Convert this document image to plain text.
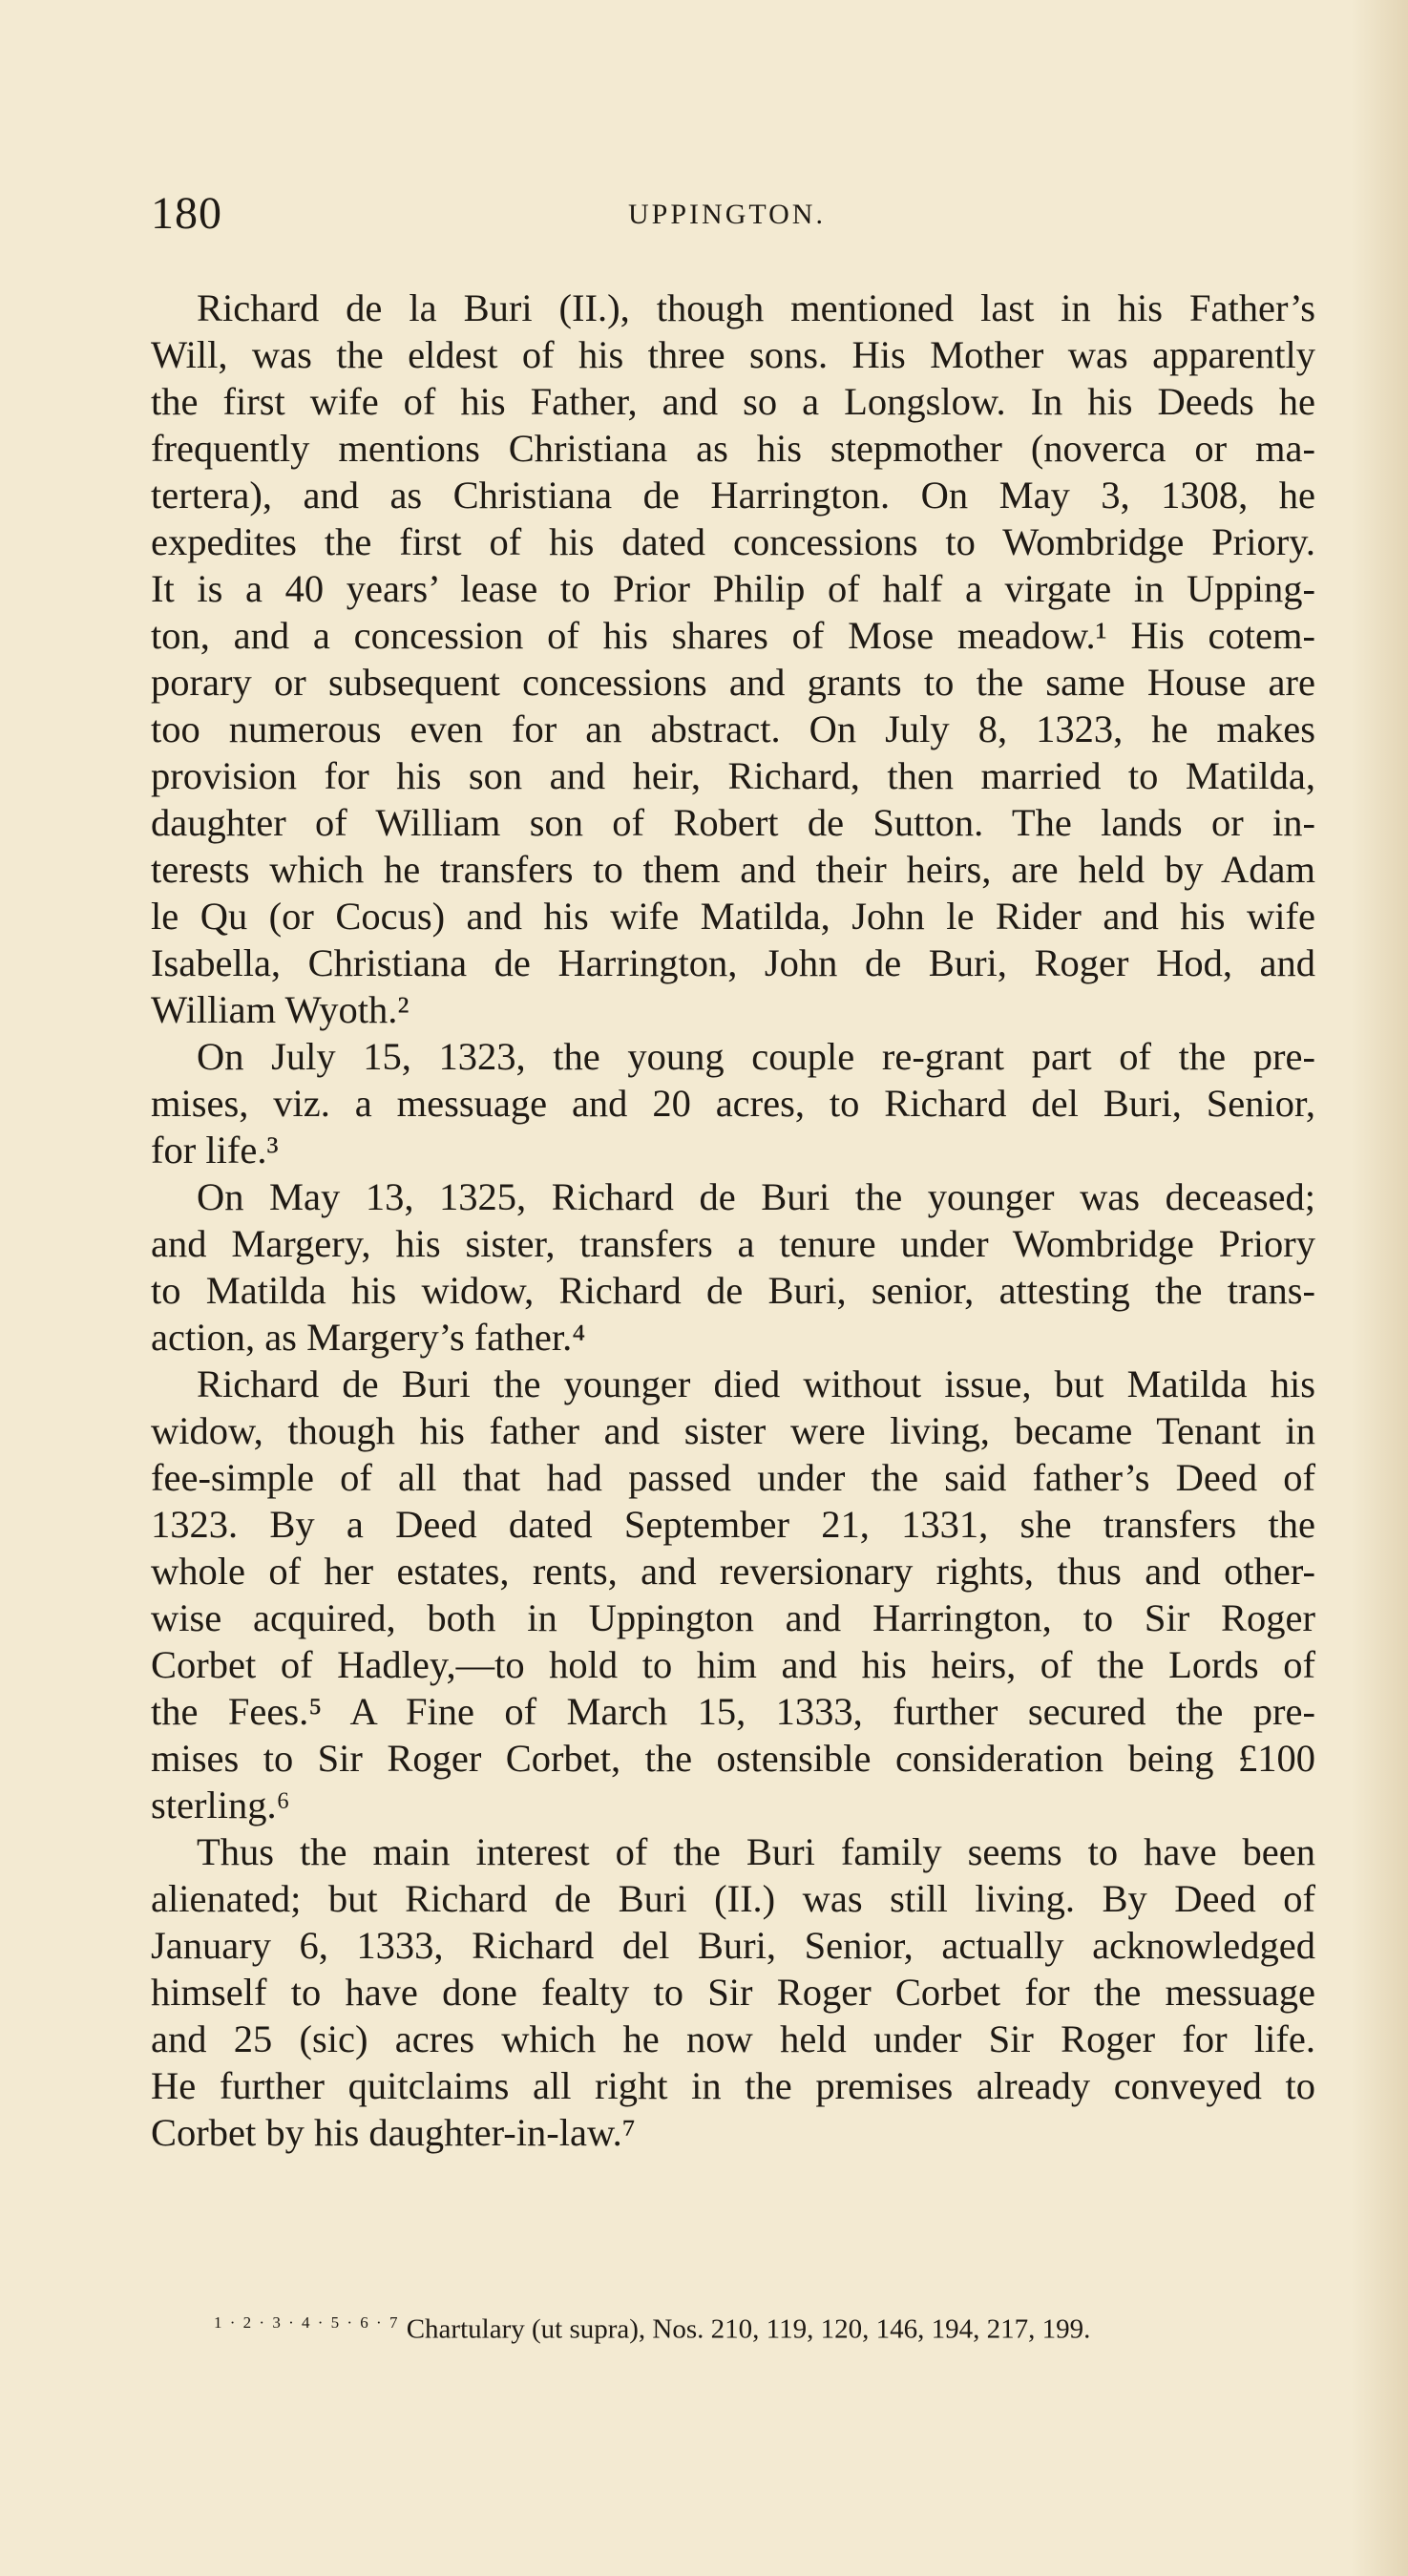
180	UPPINGTON.
Richard de la Buri (II.), though mentioned last in his Father’s
Will, was the eldest of his three sons. His Mother was apparently
the first wife of his Father, and so a Longslow. In his Deeds he
frequently mentions Christiana as his stepmother (noverca or ma-
tertera), and as Christiana de Harrington. On May 3, 1308, he
expedites the first of his dated concessions to Wombridge Priory.
It is a 40 years’ lease to Prior Philip of half a virgate in Upping-
ton, and a concession of his shares of Mose meadow.¹ His cotem-
porary or subsequent concessions and grants to the same House are
too numerous even for an abstract. On July 8, 1323, he makes
provision for his son and heir, Richard, then married to Matilda,
daughter of William son of Robert de Sutton. The lands or in-
terests which he transfers to them and their heirs, are held by Adam
le Qu (or Cocus) and his wife Matilda, John le Rider and his wife
Isabella, Christiana de Harrington, John de Buri, Roger Hod, and
William Wyoth.²
On July 15, 1323, the young couple re-grant part of the pre-
mises, viz. a messuage and 20 acres, to Richard del Buri, Senior,
for life.³
On May 13, 1325, Richard de Buri the younger was deceased;
and Margery, his sister, transfers a tenure under Wombridge Priory
to Matilda his widow, Richard de Buri, senior, attesting the trans-
action, as Margery’s father.⁴
Richard de Buri the younger died without issue, but Matilda his
widow, though his father and sister were living, became Tenant in
fee-simple of all that had passed under the said father’s Deed of
1323. By a Deed dated September 21, 1331, she transfers the
whole of her estates, rents, and reversionary rights, thus and other-
wise acquired, both in Uppington and Harrington, to Sir Roger
Corbet of Hadley,—to hold to him and his heirs, of the Lords of
the Fees.⁵ A Fine of March 15, 1333, further secured the pre-
mises to Sir Roger Corbet, the ostensible consideration being £100
sterling.⁶
Thus the main interest of the Buri family seems to have been
alienated; but Richard de Buri (II.) was still living. By Deed of
January 6, 1333, Richard del Buri, Senior, actually acknowledged
himself to have done fealty to Sir Roger Corbet for the messuage
and 25 (sic) acres which he now held under Sir Roger for life.
He further quitclaims all right in the premises already conveyed to
Corbet by his daughter-in-law.⁷
$^{1 \cdot 2 \cdot 3 \cdot 4 \cdot 5 \cdot 6 \cdot 7}$ Chartulary (ut supra), Nos. 210, 119, 120, 146, 194, 217, 199.
